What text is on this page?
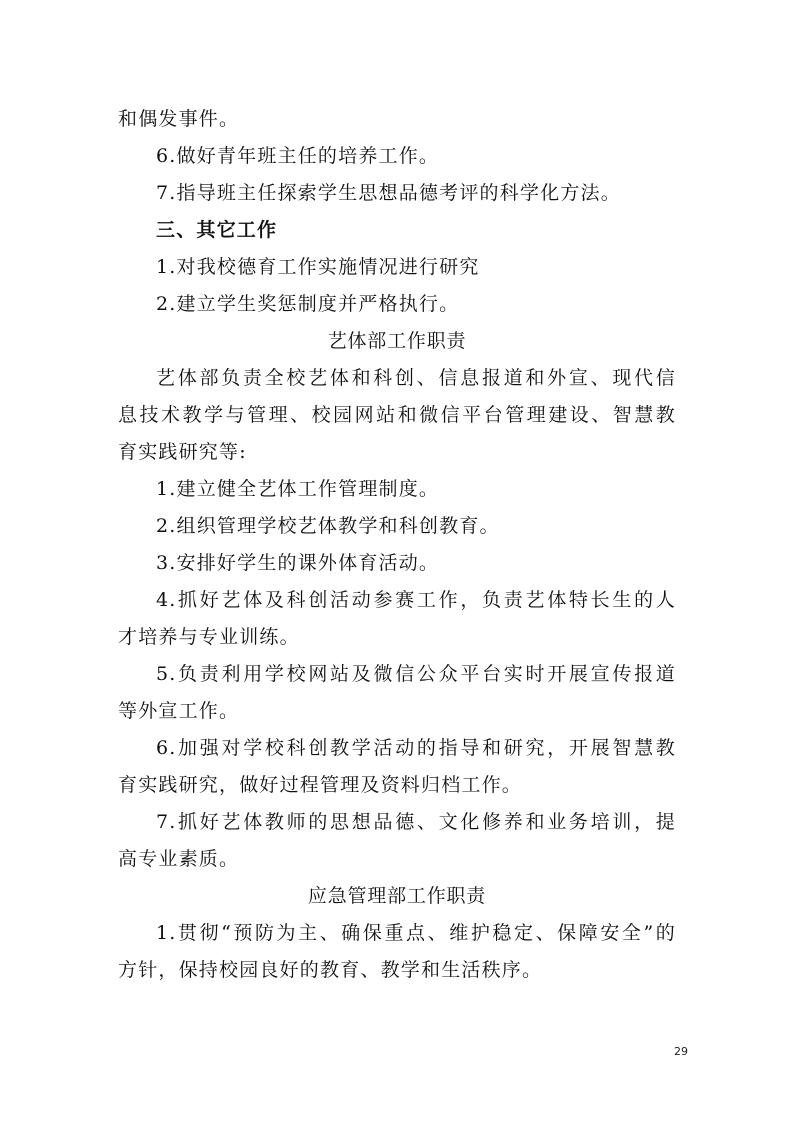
和偶发事件。
6.做好青年班主任的培养工作。
7.指导班主任探索学生思想品德考评的科学化方法。
三、其它工作
1.对我校德育工作实施情况进行研究
2.建立学生奖惩制度并严格执行。
艺体部工作职责
艺体部负责全校艺体和科创、信息报道和外宣、现代信
息技术教学与管理、校园网站和微信平台管理建设、智慧教
育实践研究等:
1.建立健全艺体工作管理制度。
2.组织管理学校艺体教学和科创教育。
3.安排好学生的课外体育活动。
4.抓好艺体及科创活动参赛工作，负责艺体特长生的人
才培养与专业训练。
5.负责利用学校网站及微信公众平台实时开展宣传报道
等外宣工作。
6.加强对学校科创教学活动的指导和研究，开展智慧教
育实践研究，做好过程管理及资料归档工作。
7.抓好艺体教师的思想品德、文化修养和业务培训，提
高专业素质。
应急管理部工作职责
1.贯彻“预防为主、确保重点、维护稳定、保障安全”的
方针，保持校园良好的教育、教学和生活秩序。
29
